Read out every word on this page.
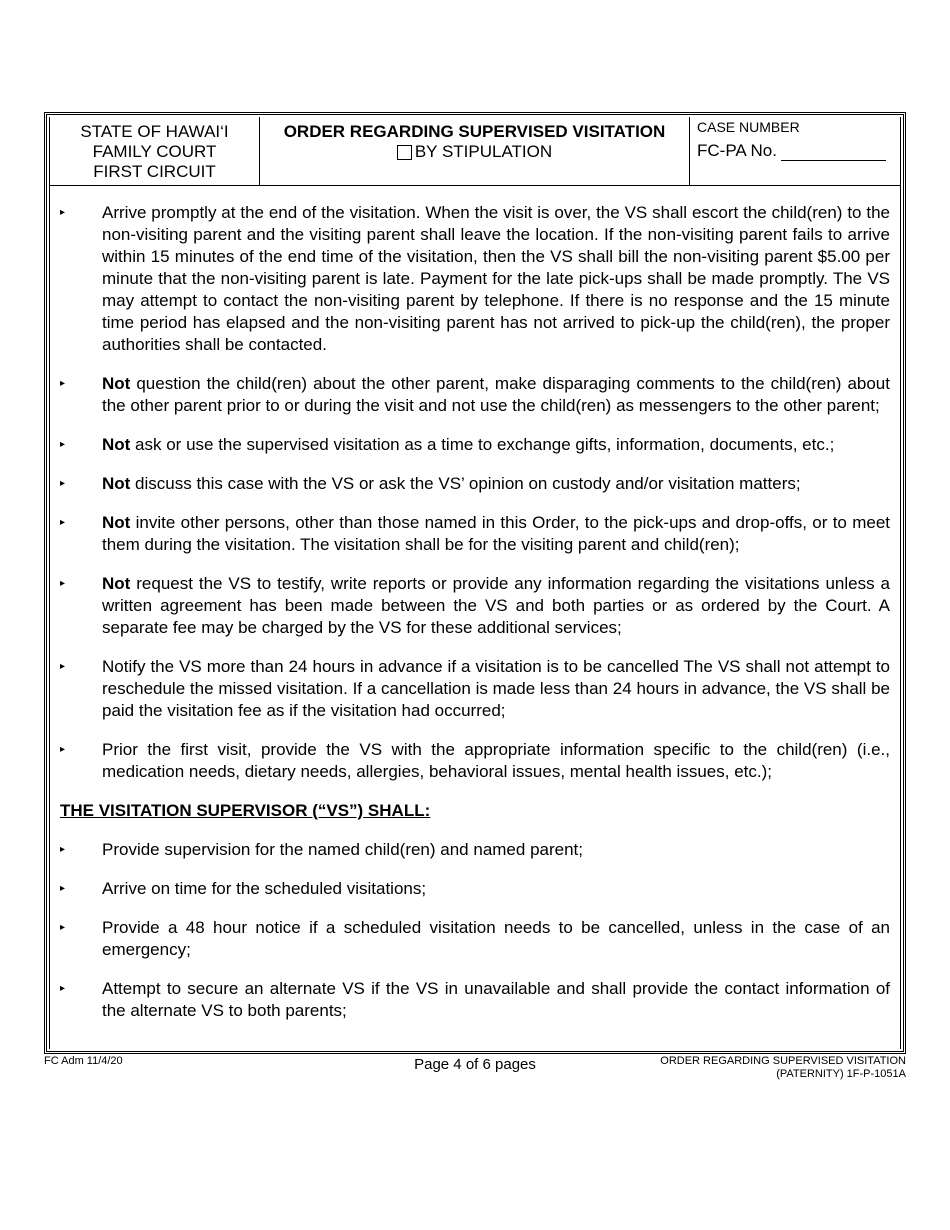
STATE OF HAWAI‘I
FAMILY COURT
FIRST CIRCUIT
ORDER REGARDING SUPERVISED VISITATION
BY STIPULATION
CASE NUMBER
FC-PA No.
▸ Arrive promptly at the end of the visitation. When the visit is over, the VS shall escort the child(ren) to the non-visiting parent and the visiting parent shall leave the location. If the non-visiting parent fails to arrive within 15 minutes of the end time of the visitation, then the VS shall bill the non-visiting parent $5.00 per minute that the non-visiting parent is late. Payment for the late pick-ups shall be made promptly. The VS may attempt to contact the non-visiting parent by telephone. If there is no response and the 15 minute time period has elapsed and the non-visiting parent has not arrived to pick-up the child(ren), the proper authorities shall be contacted.
▸ Not question the child(ren) about the other parent, make disparaging comments to the child(ren) about the other parent prior to or during the visit and not use the child(ren) as messengers to the other parent;
▸ Not ask or use the supervised visitation as a time to exchange gifts, information, documents, etc.;
▸ Not discuss this case with the VS or ask the VS’ opinion on custody and/or visitation matters;
▸ Not invite other persons, other than those named in this Order, to the pick-ups and drop-offs, or to meet them during the visitation. The visitation shall be for the visiting parent and child(ren);
▸ Not request the VS to testify, write reports or provide any information regarding the visitations unless a written agreement has been made between the VS and both parties or as ordered by the Court. A separate fee may be charged by the VS for these additional services;
▸ Notify the VS more than 24 hours in advance if a visitation is to be cancelled The VS shall not attempt to reschedule the missed visitation. If a cancellation is made less than 24 hours in advance, the VS shall be paid the visitation fee as if the visitation had occurred;
▸ Prior the first visit, provide the VS with the appropriate information specific to the child(ren) (i.e., medication needs, dietary needs, allergies, behavioral issues, mental health issues, etc.);
THE VISITATION SUPERVISOR (“VS”) SHALL:
▸ Provide supervision for the named child(ren) and named parent;
▸ Arrive on time for the scheduled visitations;
▸ Provide a 48 hour notice if a scheduled visitation needs to be cancelled, unless in the case of an emergency;
▸ Attempt to secure an alternate VS if the VS in unavailable and shall provide the contact information of the alternate VS to both parents;
FC Adm 11/4/20	Page 4 of 6 pages	ORDER REGARDING SUPERVISED VISITATION
(PATERNITY) 1F-P-1051A
